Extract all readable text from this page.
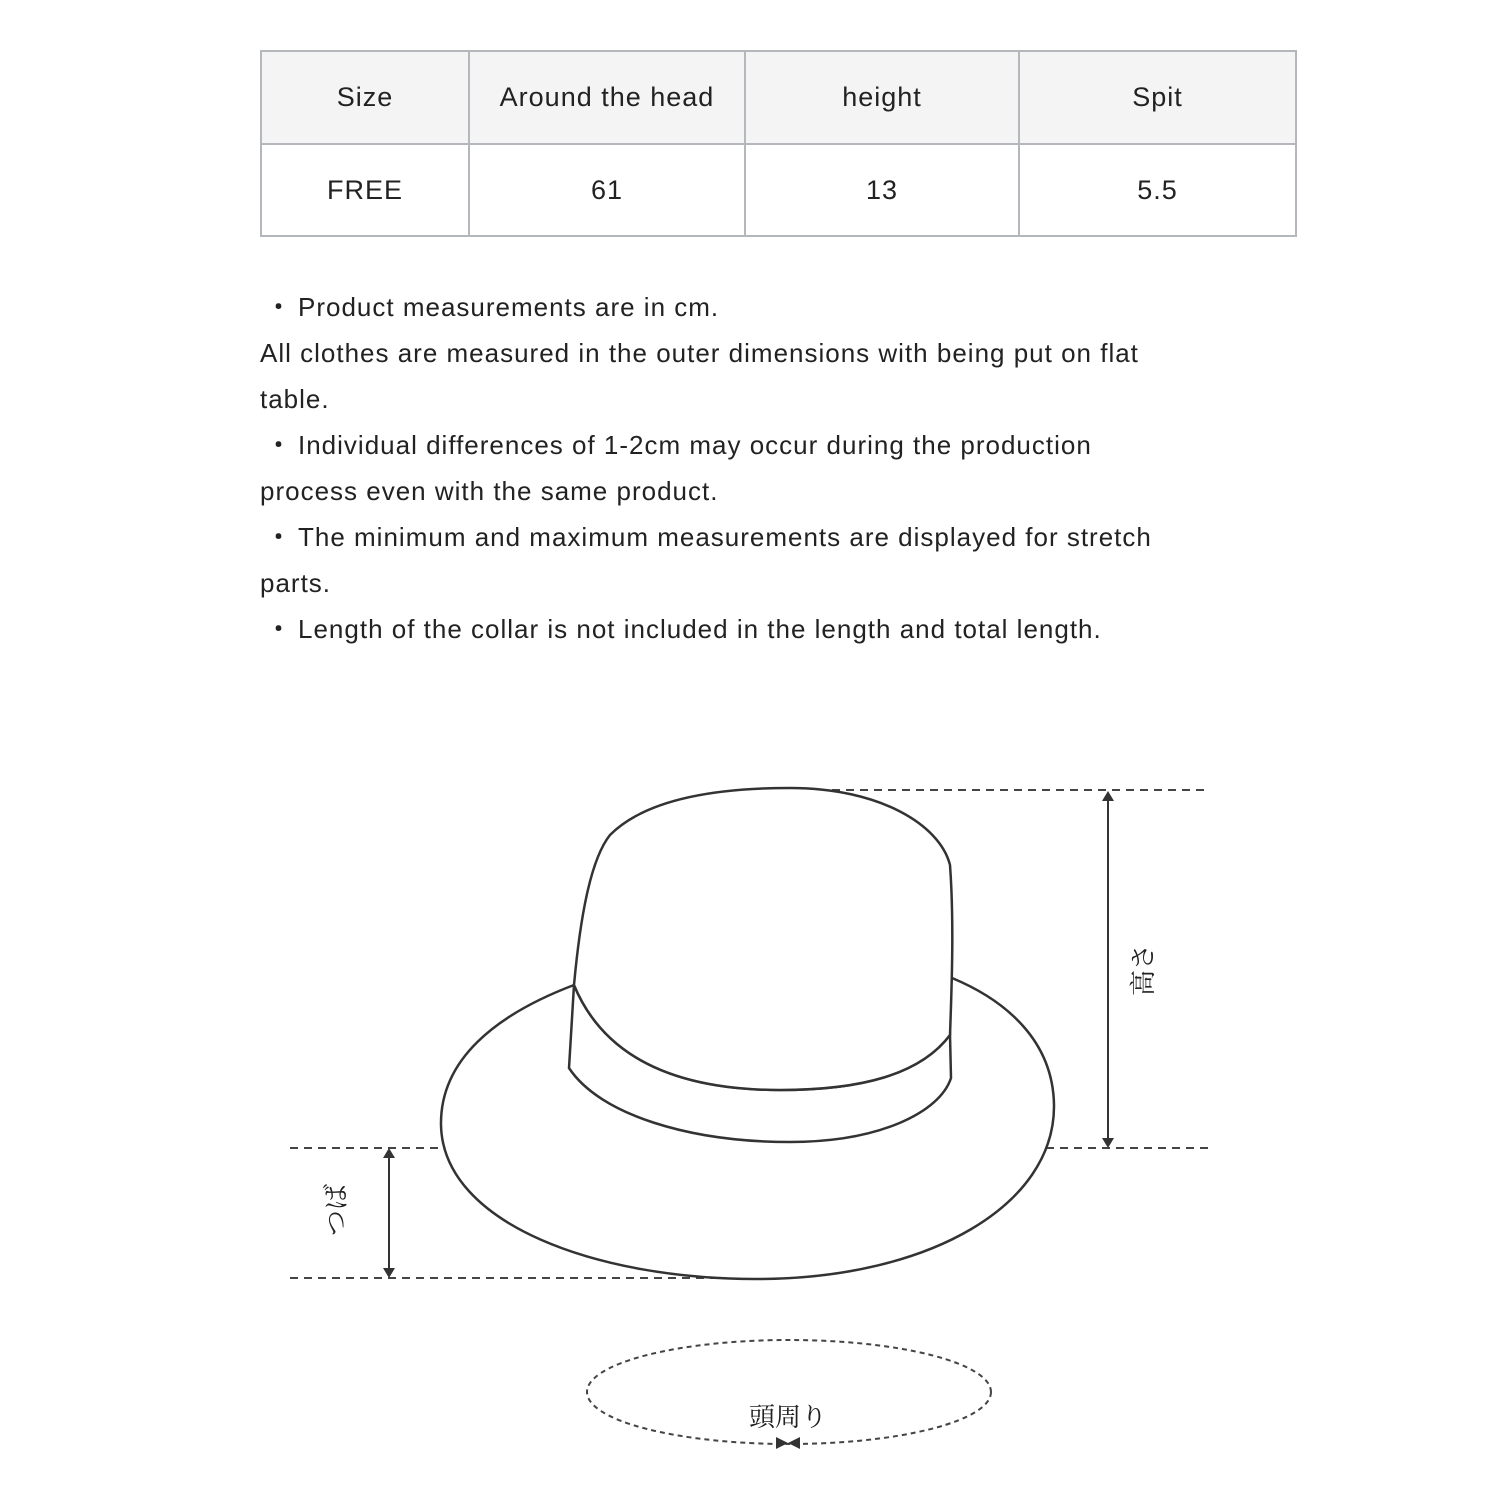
Size	Around the head	height	Spit
FREE	61	13	5.5

・ Product measurements are in cm.

All clothes are measured in the outer dimensions with being put on flat

table.

・ Individual differences of 1-2cm may occur during the production

process even with the same product.

・ The minimum and maximum measurements are displayed for stretch

parts.

・ Length of the collar is not included in the length and total length.

高さ
つば
頭周り
